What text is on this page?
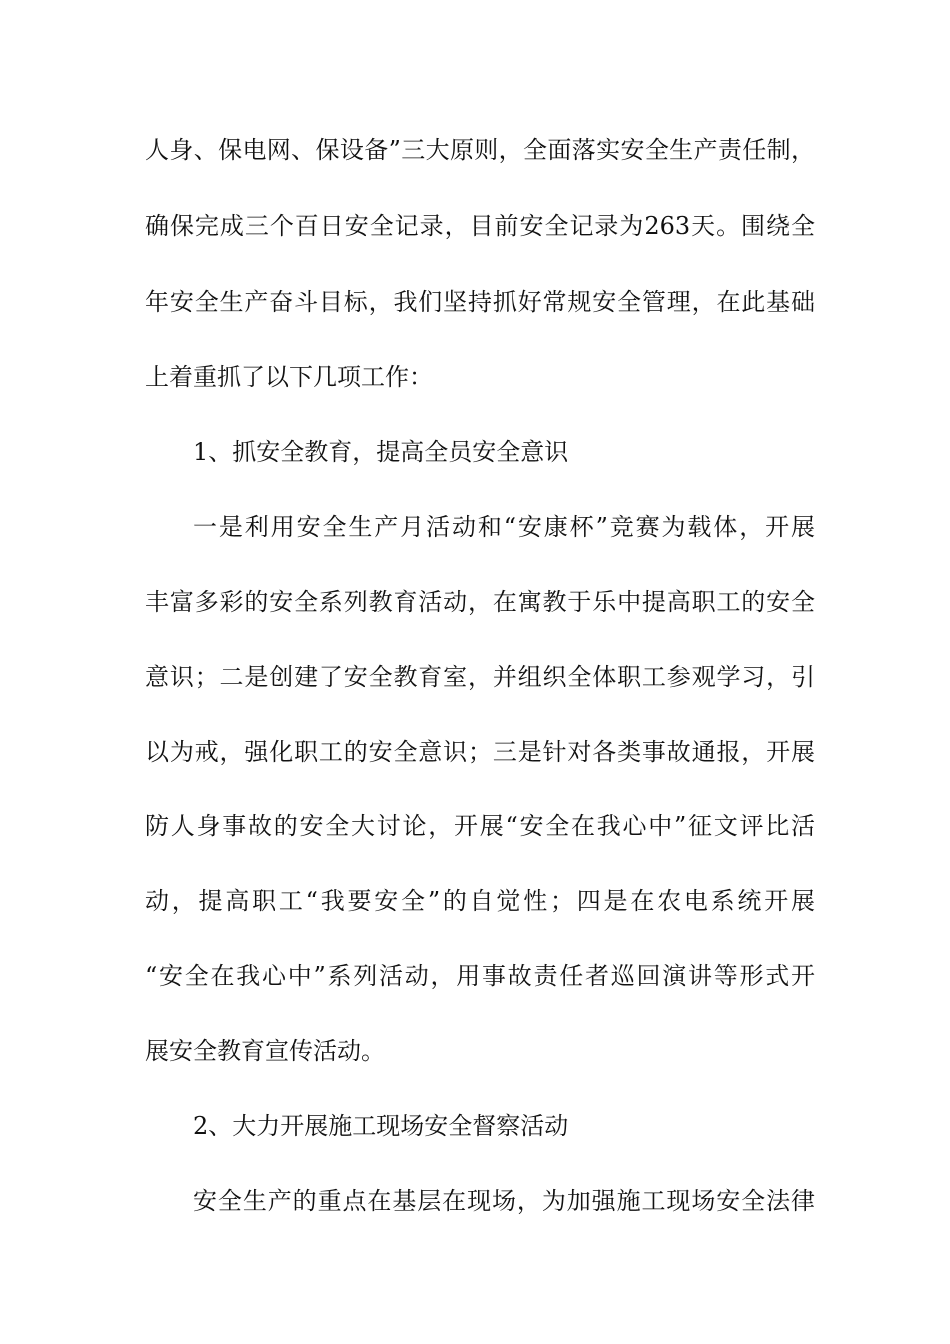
人身、保电网、保设备”三大原则，全面落实安全生产责任制，
确保完成三个百日安全记录，目前安全记录为263天。围绕全
年安全生产奋斗目标，我们坚持抓好常规安全管理，在此基础
上着重抓了以下几项工作：
1、抓安全教育，提高全员安全意识
一是利用安全生产月活动和“安康杯”竞赛为载体，开展
丰富多彩的安全系列教育活动，在寓教于乐中提高职工的安全
意识；二是创建了安全教育室，并组织全体职工参观学习，引
以为戒，强化职工的安全意识；三是针对各类事故通报，开展
防人身事故的安全大讨论，开展“安全在我心中”征文评比活
动，提高职工“我要安全”的自觉性；四是在农电系统开展
“安全在我心中”系列活动，用事故责任者巡回演讲等形式开
展安全教育宣传活动。
2、大力开展施工现场安全督察活动
安全生产的重点在基层在现场，为加强施工现场安全法律
